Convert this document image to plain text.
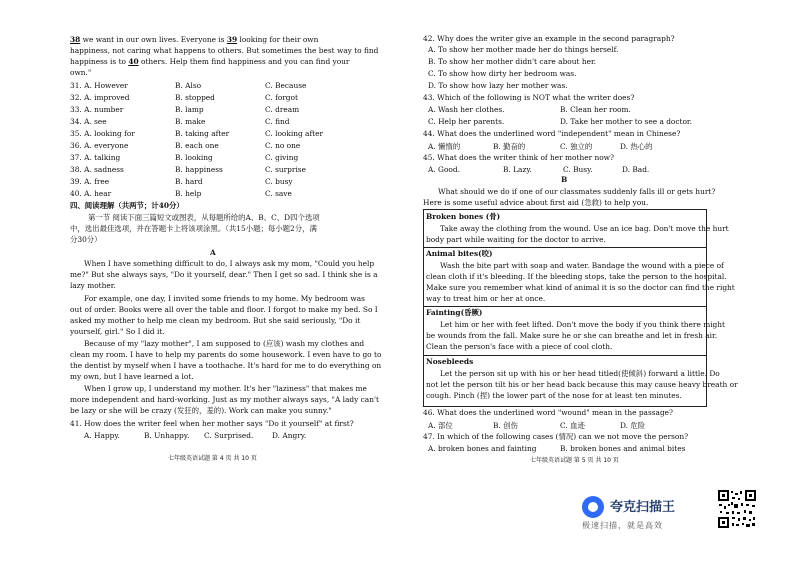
38 we want in our own lives. Everyone is 39 looking for their own
happiness, not caring what happens to others. But sometimes the best way to find
happiness is to 40 others. Help them find happiness and you can find your
own."
31. A. However	B. Also	C. Because
32. A. improved	B. stopped	C. forgot
33. A. number	B. lamp	C. dream
34. A. see	B. make	C. find
35. A. looking for	B. taking after	C. looking after
36. A. everyone	B. each one	C. no one
37. A. talking	B. looking	C. giving
38. A. sadness	B. happiness	C. surprise
39. A. free	B. hard	C. busy
40. A. hear	B. help	C. save
四、阅读理解（共两节；计40分）
第一节 阅读下面三篇短文或图表，从每题所给的A、B、C、D四个选项
中，选出最佳选项，并在答题卡上将该项涂黑。（共15小题；每小题2分，满
分30分）
A
When I have something difficult to do, I always ask my mom, "Could you help
me?" But she always says, "Do it yourself, dear." Then I get so sad. I think she is a
lazy mother.
For example, one day, I invited some friends to my home. My bedroom was
out of order. Books were all over the table and floor. I forgot to make my bed. So I
asked my mother to help me clean my bedroom. But she said seriously, "Do it
yourself, girl." So I did it.
Because of my "lazy mother", I am supposed to (应该) wash my clothes and
clean my room. I have to help my parents do some housework. I even have to go to
the dentist by myself when I have a toothache. It's hard for me to do everything on
my own, but I have learned a lot.
When I grow up, I understand my mother. It's her "laziness" that makes me
more independent and hard-working. Just as my mother always says, "A lady can't
be lazy or she will be crazy (发狂的，羞的). Work can make you sunny."
41. How does the writer feel when her mother says "Do it yourself" at first?
A. Happy.	B. Unhappy. C. Surprised.	D. Angry.
七年级英语试题 第 4 页 共 10 页
42. Why does the writer give an example in the second paragraph?
A. To show her mother made her do things herself.
B. To show her mother didn't care about her.
C. To show how dirty her bedroom was.
D. To show how lazy her mother was.
43. Which of the following is NOT what the writer does?
A. Wash her clothes.	B. Clean her room.
C. Help her parents.	D. Take her mother to see a doctor.
44. What does the underlined word "independent" mean in Chinese?
A. 懒惰的	B. 勤奋的	C. 独立的	D. 热心的
45. What does the writer think of her mother now?
A. Good.	B. Lazy.	C. Busy.	D. Bad.
B
What should we do if one of our classmates suddenly falls ill or gets hurt?
Here is some useful advice about first aid (急救) to help you.
Broken bones (骨)
Take away the clothing from the wound. Use an ice bag. Don't move the hurt
body part while waiting for the doctor to arrive.
Animal bites(咬)
Wash the bite part with soap and water. Bandage the wound with a piece of
clean cloth if it's bleeding. If the bleeding stops, take the person to the hospital.
Make sure you remember what kind of animal it is so the doctor can find the right
way to treat him or her at once.
Fainting(昏厥)
Let him or her with feet lifted. Don't move the body if you think there might
be wounds from the fall. Make sure he or she can breathe and let in fresh air.
Clean the person's face with a piece of cool cloth.
Nosebleeds
Let the person sit up with his or her head titled(使倾斜) forward a little. Do
not let the person tilt his or her head back because this may cause heavy breath or
cough. Pinch (捏) the lower part of the nose for at least ten minutes.
46. What does the underlined word "wound" mean in the passage?
A. 部位	B. 创伤	C. 血迹	D. 危险
47. In which of the following cases (情况) can we not move the person?
A. broken bones and fainting	B. broken bones and animal bites
七年级英语试题 第 5 页 共 10 页
夸克扫描王
极速扫描，就是高效
